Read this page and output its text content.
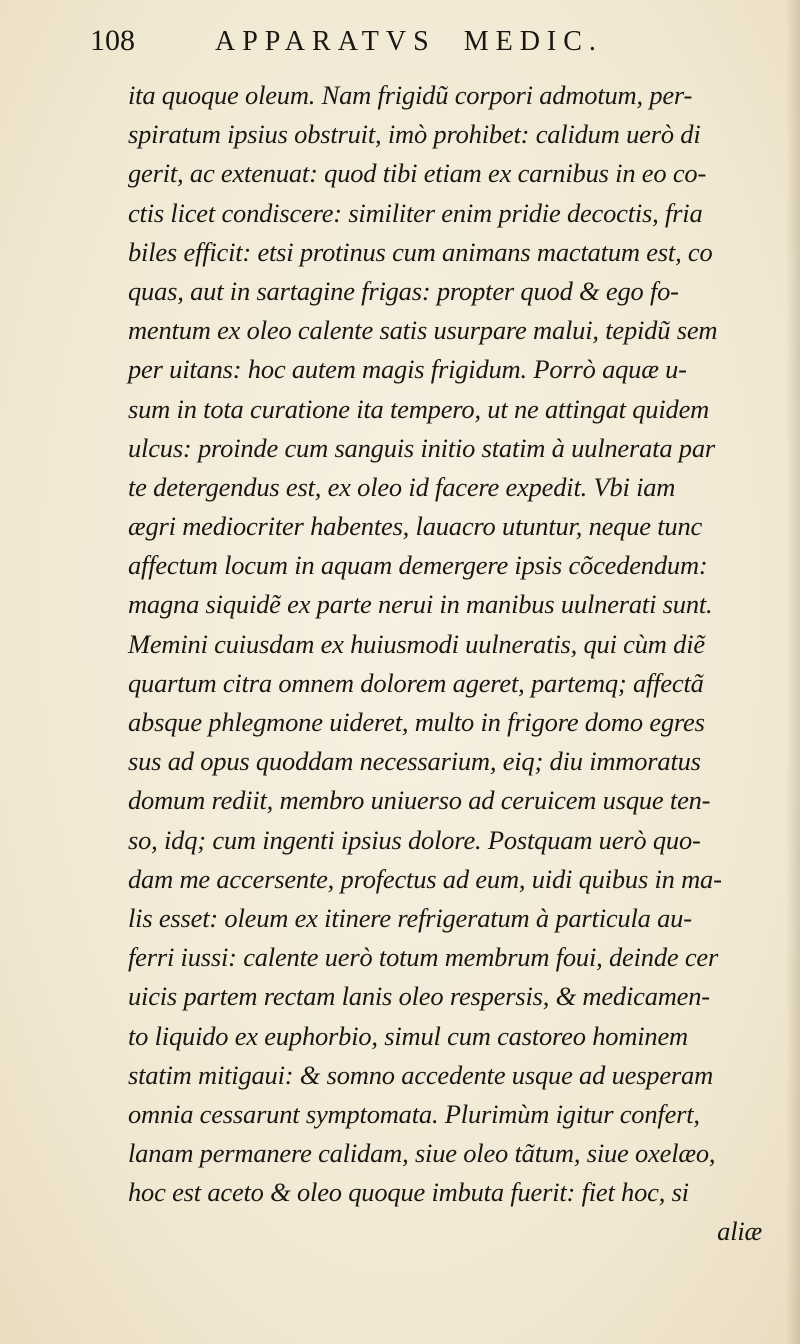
108	APPARATVS  MEDIC.
ita quoque oleum. Nam frigidũ corpori admotum, per-
spiratum ipsius obstruit, imò prohibet: calidum uerò di
gerit, ac extenuat: quod tibi etiam ex carnibus in eo co-
ctis licet condiscere: similiter enim pridie decoctis, fria
biles efficit: etsi protinus cum animans mactatum est, co
quas, aut in sartagine frigas: propter quod & ego fo-
mentum ex oleo calente satis usurpare malui, tepidũ sem
per uitans: hoc autem magis frigidum. Porrò aquæ u-
sum in tota curatione ita tempero, ut ne attingat quidem
ulcus: proinde cum sanguis initio statim à uulnerata par
te detergendus est, ex oleo id facere expedit. Vbi iam
ægri mediocriter habentes, lauacro utuntur, neque tunc
affectum locum in aquam demergere ipsis cõcedendum:
magna siquidẽ ex parte nerui in manibus uulnerati sunt.
Memini cuiusdam ex huiusmodi uulneratis, qui cùm diẽ
quartum citra omnem dolorem ageret, partemq; affectã
absque phlegmone uideret, multo in frigore domo egres
sus ad opus quoddam necessarium, eiq; diu immoratus
domum rediit, membro uniuerso ad ceruicem usque ten-
so, idq; cum ingenti ipsius dolore. Postquam uerò quo-
dam me accersente, profectus ad eum, uidi quibus in ma-
lis esset: oleum ex itinere refrigeratum à particula au-
ferri iussi: calente uerò totum membrum foui, deinde cer
uicis partem rectam lanis oleo respersis, & medicamen-
to liquido ex euphorbio, simul cum castoreo hominem
statim mitigaui: & somno accedente usque ad uesperam
omnia cessarunt symptomata. Plurimùm igitur confert,
lanam permanere calidam, siue oleo tãtum, siue oxelæo,
hoc est aceto & oleo quoque imbuta fuerit: fiet hoc, si
aliæ
